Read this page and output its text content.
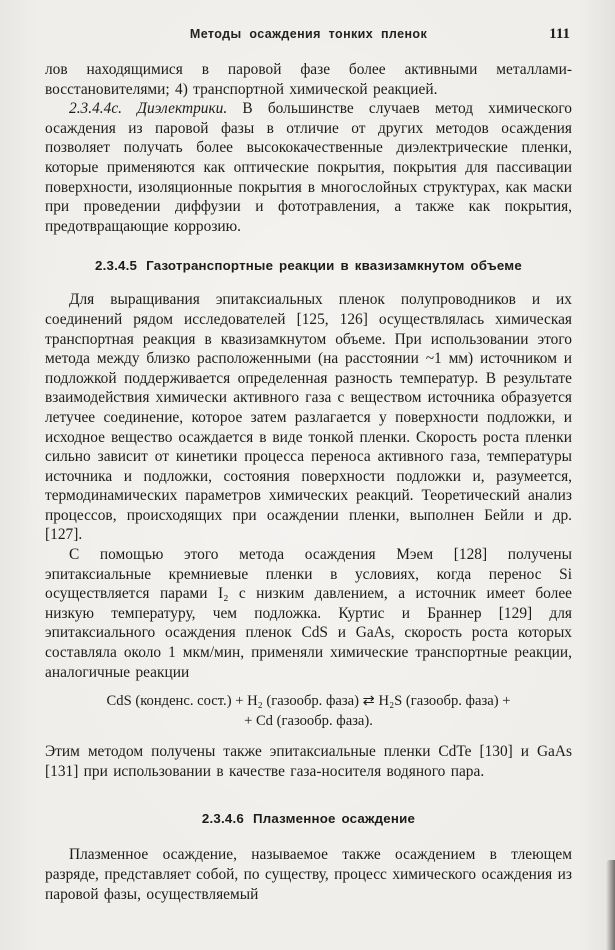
Методы осаждения тонких пленок	111

лов находящимися в паровой фазе более активными металлами-восстановителями; 4) транспортной химической реакцией.

2.3.4.4с. Диэлектрики. В большинстве случаев метод химического осаждения из паровой фазы в отличие от других методов осаждения позволяет получать более высококачественные диэлектрические пленки, которые применяются как оптические покрытия, покрытия для пассивации поверхности, изоляционные покрытия в многослойных структурах, как маски при проведении диффузии и фототравления, а также как покрытия, предотвращающие коррозию.

2.3.4.5 Газотранспортные реакции в квазизамкнутом объеме

Для выращивания эпитаксиальных пленок полупроводников и их соединений рядом исследователей [125, 126] осуществлялась химическая транспортная реакция в квазизамкнутом объеме. При использовании этого метода между близко расположенными (на расстоянии ~1 мм) источником и подложкой поддерживается определенная разность температур. В результате взаимодействия химически активного газа с веществом источника образуется летучее соединение, которое затем разлагается у поверхности подложки, и исходное вещество осаждается в виде тонкой пленки. Скорость роста пленки сильно зависит от кинетики процесса переноса активного газа, температуры источника и подложки, состояния поверхности подложки и, разумеется, термодинамических параметров химических реакций. Теоретический анализ процессов, происходящих при осаждении пленки, выполнен Бейли и др. [127].

С помощью этого метода осаждения Мэем [128] получены эпитаксиальные кремниевые пленки в условиях, когда перенос Si осуществляется парами I₂ с низким давлением, а источник имеет более низкую температуру, чем подложка. Куртис и Браннер [129] для эпитаксиального осаждения пленок CdS и GaAs, скорость роста которых составляла около 1 мкм/мин, применяли химические транспортные реакции, аналогичные реакции

CdS (конденс. сост.) + H₂ (газообр. фаза) ⇄ H₂S (газообр. фаза) +
+ Cd (газообр. фаза).

Этим методом получены также эпитаксиальные пленки CdTe [130] и GaAs [131] при использовании в качестве газа-носителя водяного пара.

2.3.4.6 Плазменное осаждение

Плазменное осаждение, называемое также осаждением в тлеющем разряде, представляет собой, по существу, процесс химического осаждения из паровой фазы, осуществляемый
